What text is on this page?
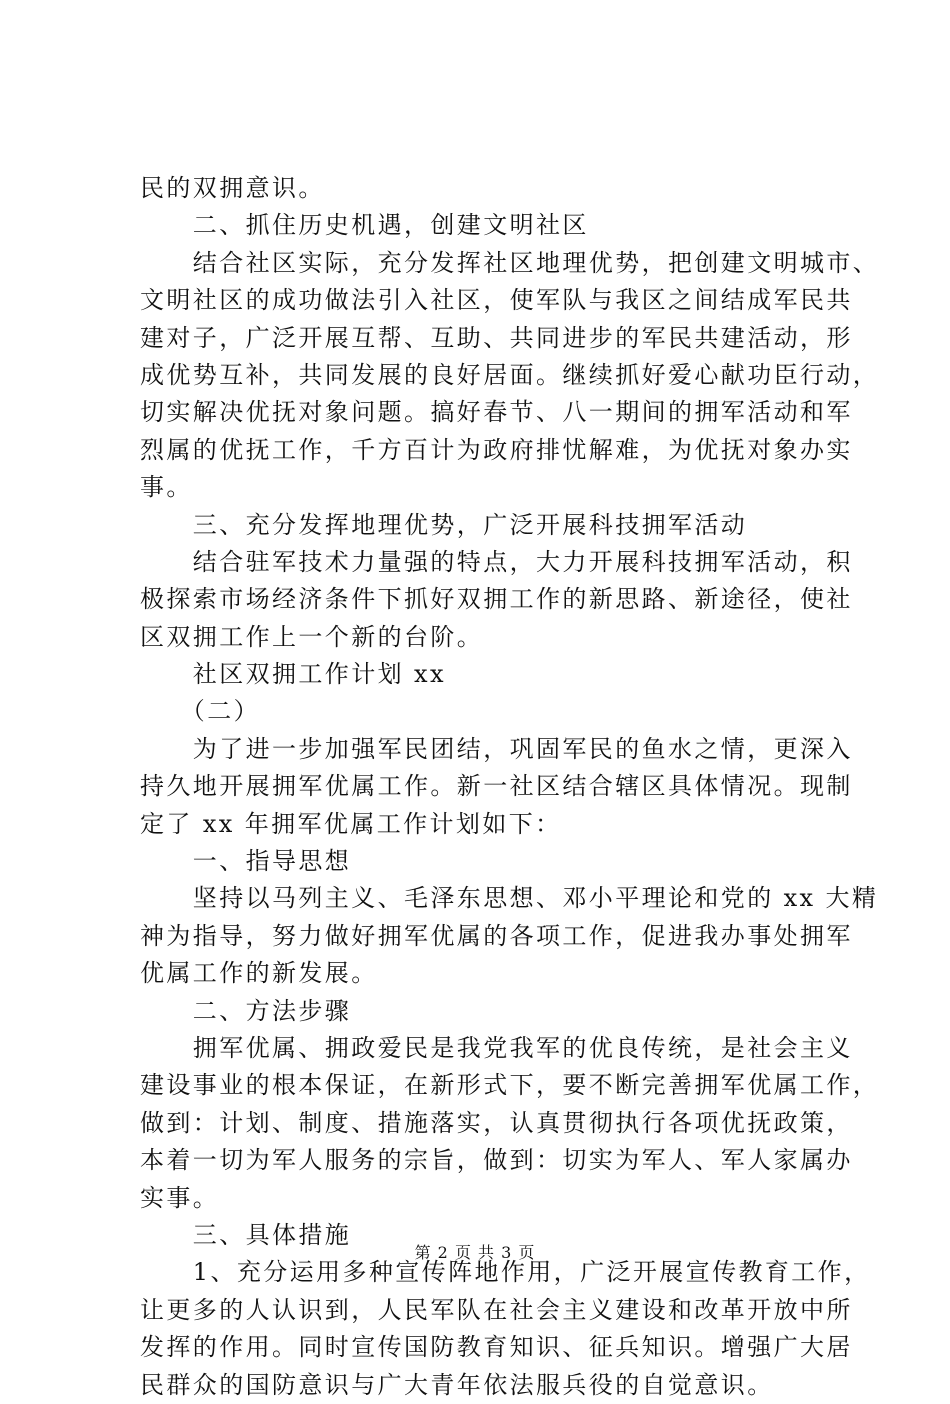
民的双拥意识。
　　二、抓住历史机遇，创建文明社区
　　结合社区实际，充分发挥社区地理优势，把创建文明城市、
文明社区的成功做法引入社区，使军队与我区之间结成军民共
建对子，广泛开展互帮、互助、共同进步的军民共建活动，形
成优势互补，共同发展的良好居面。继续抓好爱心献功臣行动，
切实解决优抚对象问题。搞好春节、八一期间的拥军活动和军
烈属的优抚工作，千方百计为政府排忧解难，为优抚对象办实
事。
　　三、充分发挥地理优势，广泛开展科技拥军活动
　　结合驻军技术力量强的特点，大力开展科技拥军活动，积
极探索市场经济条件下抓好双拥工作的新思路、新途径，使社
区双拥工作上一个新的台阶。
　　社区双拥工作计划 xx
　　（二）
　　为了进一步加强军民团结，巩固军民的鱼水之情，更深入
持久地开展拥军优属工作。新一社区结合辖区具体情况。现制
定了 xx 年拥军优属工作计划如下：
　　一、指导思想
　　坚持以马列主义、毛泽东思想、邓小平理论和党的 xx 大精
神为指导，努力做好拥军优属的各项工作，促进我办事处拥军
优属工作的新发展。
　　二、方法步骤
　　拥军优属、拥政爱民是我党我军的优良传统，是社会主义
建设事业的根本保证，在新形式下，要不断完善拥军优属工作，
做到：计划、制度、措施落实，认真贯彻执行各项优抚政策，
本着一切为军人服务的宗旨，做到：切实为军人、军人家属办
实事。
　　三、具体措施
　　1、充分运用多种宣传阵地作用，广泛开展宣传教育工作，
让更多的人认识到，人民军队在社会主义建设和改革开放中所
发挥的作用。同时宣传国防教育知识、征兵知识。增强广大居
民群众的国防意识与广大青年依法服兵役的自觉意识。
第 2 页 共 3 页
